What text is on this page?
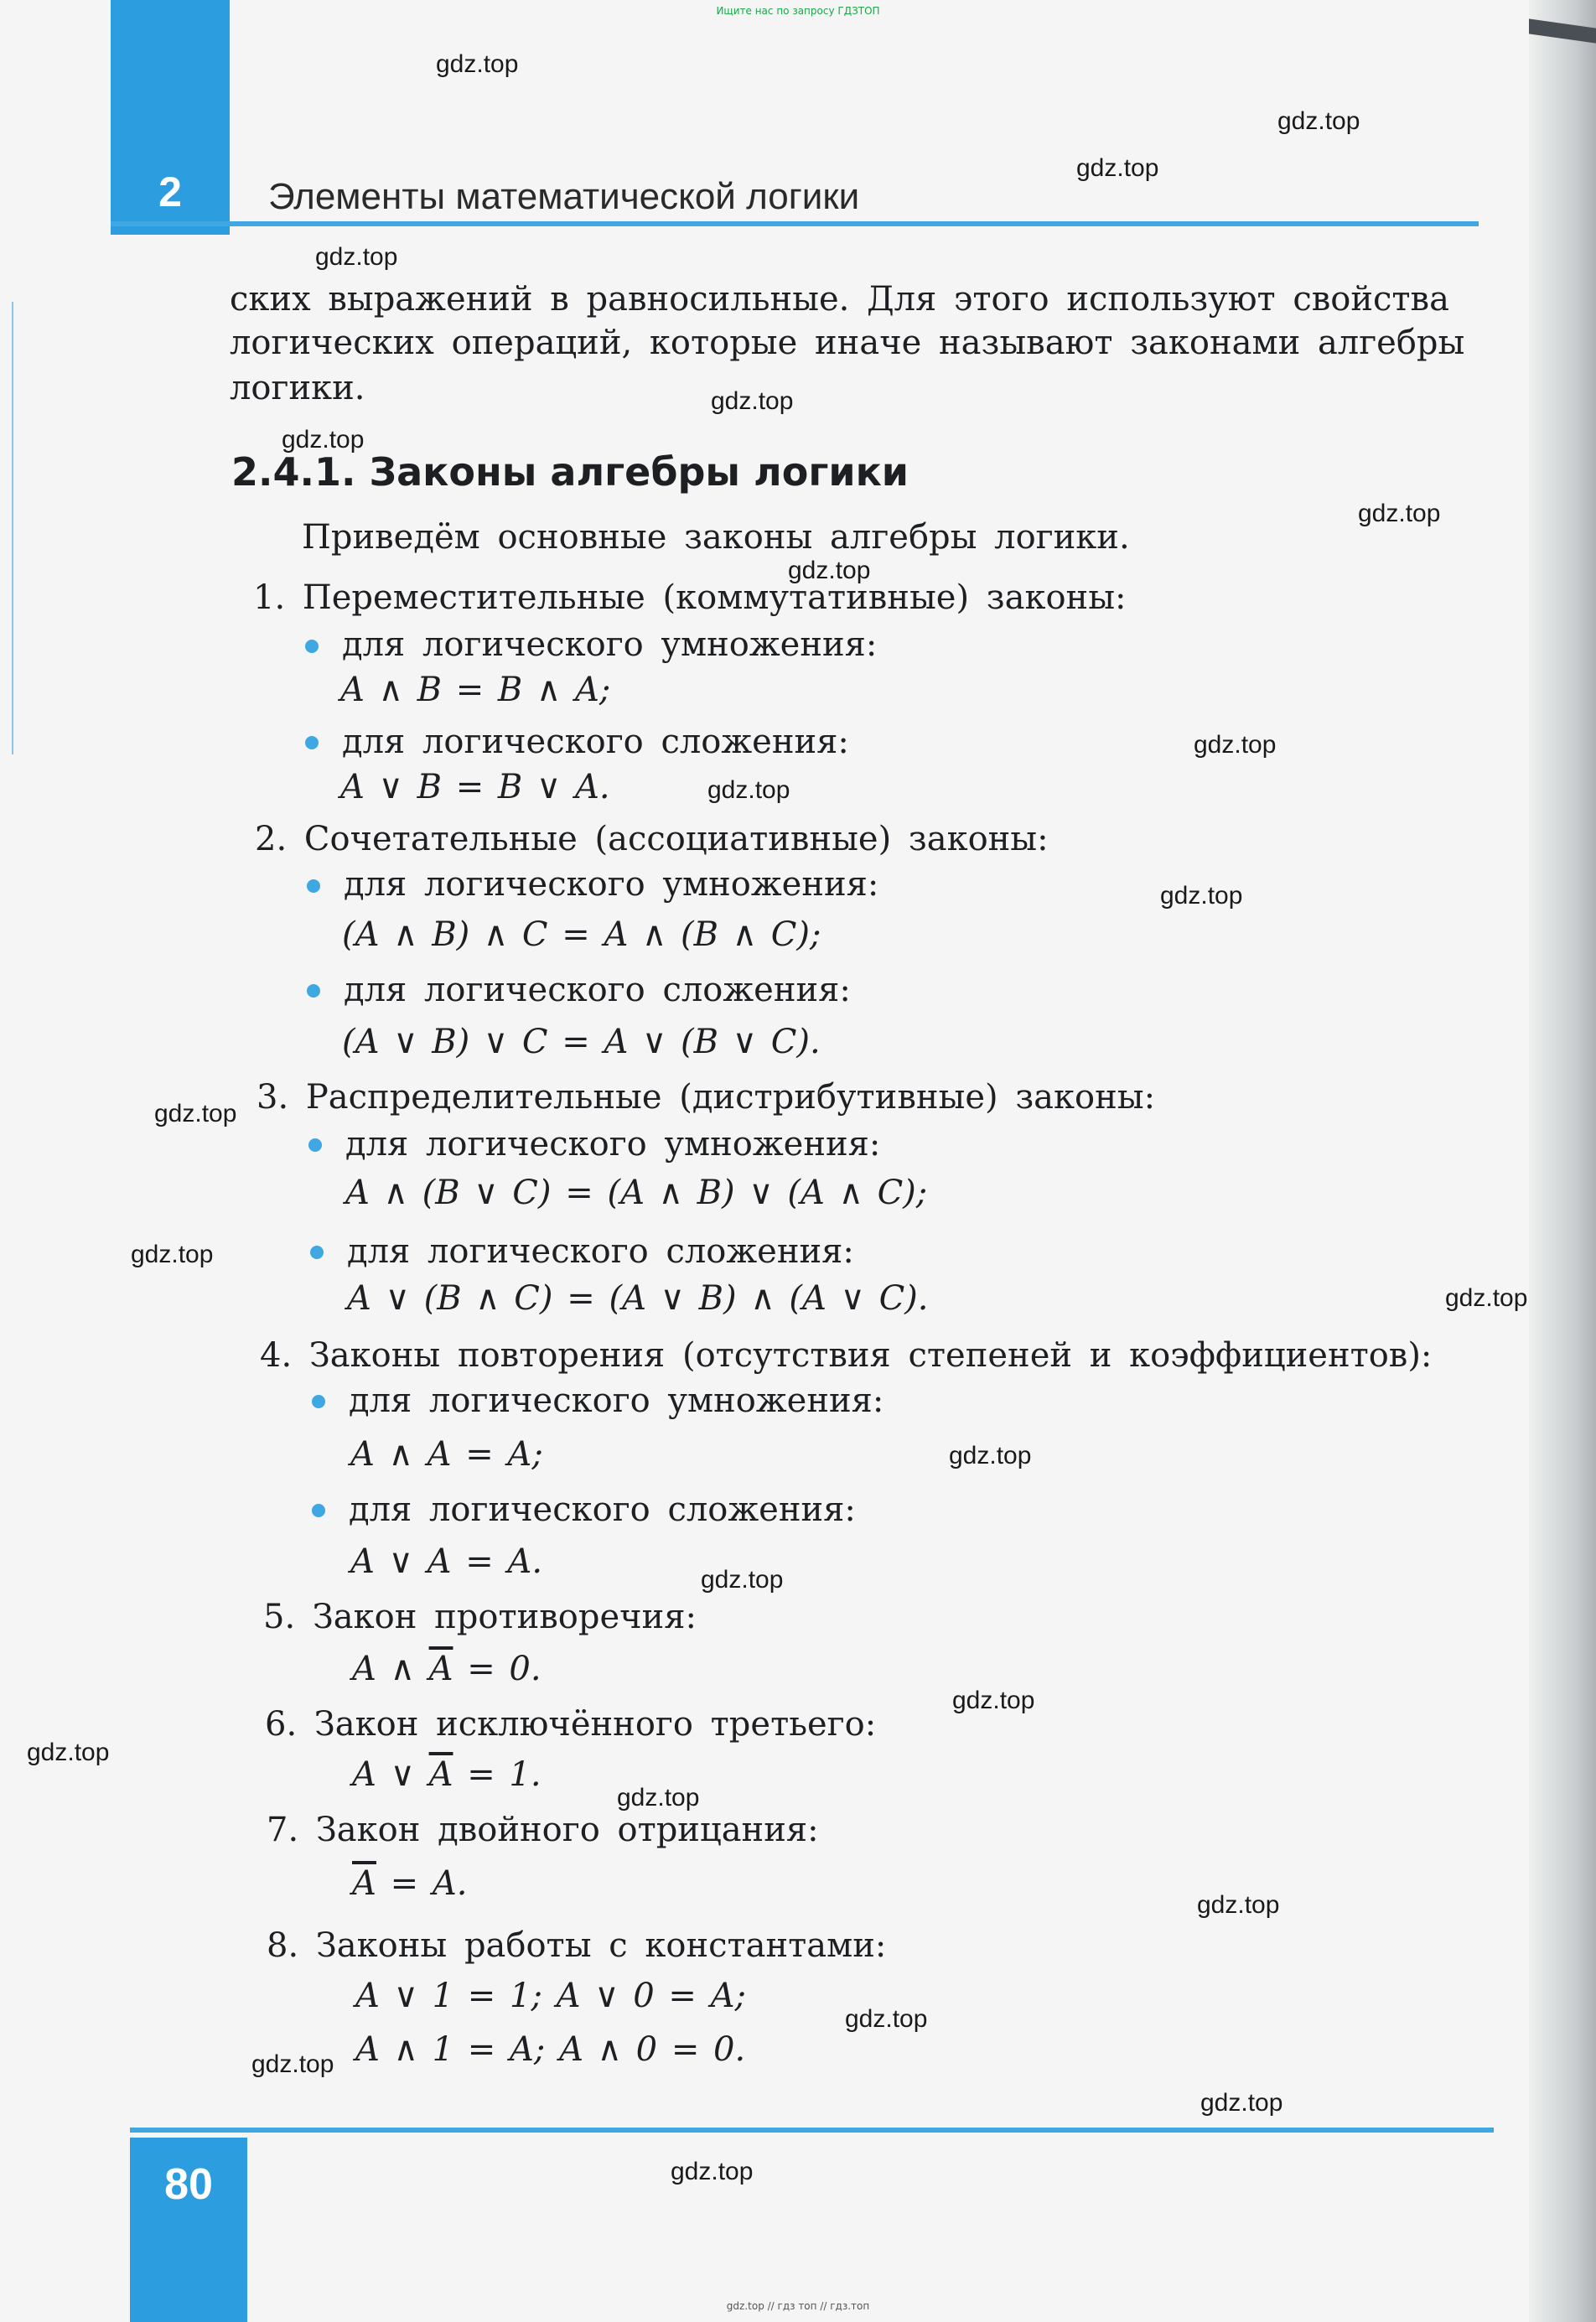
Ищите нас по запросу ГДЗТОП
2	Элементы математической логики
ских выражений в равносильные. Для этого используют свойства
логических операций, которые иначе называют законами алгебры
логики.
2.4.1. Законы алгебры логики
Приведём основные законы алгебры логики.
1. Переместительные (коммутативные) законы:
для логического умножения:
A ∧ B = B ∧ A;
для логического сложения:
A ∨ B = B ∨ A.
2. Сочетательные (ассоциативные) законы:
для логического умножения:
(A ∧ B) ∧ C = A ∧ (B ∧ C);
для логического сложения:
(A ∨ B) ∨ C = A ∨ (B ∨ C).
3. Распределительные (дистрибутивные) законы:
для логического умножения:
A ∧ (B ∨ C) = (A ∧ B) ∨ (A ∧ C);
для логического сложения:
A ∨ (B ∧ C) = (A ∨ B) ∧ (A ∨ C).
4. Законы повторения (отсутствия степеней и коэффициентов):
для логического умножения:
A ∧ A = A;
для логического сложения:
A ∨ A = A.
5. Закон противоречия:
A ∧ $\overline{A} = 0$.
6. Закон исключённого третьего:
A ∨ $\overline{A} = 1$.
7. Закон двойного отрицания:
$\overline{A} = A$.
8. Законы работы с константами:
A ∨ 1 = 1; A ∨ 0 = A;
A ∧ 1 = A; A ∧ 0 = 0.
80
gdz.top // гдз топ // гдз.топ
gdz.top
gdz.top
gdz.top
gdz.top
gdz.top
gdz.top
gdz.top
gdz.top
gdz.top
gdz.top
gdz.top
gdz.top
gdz.top
gdz.top
gdz.top
gdz.top
gdz.top
gdz.top
gdz.top
gdz.top
gdz.top
gdz.top
gdz.top
gdz.top
